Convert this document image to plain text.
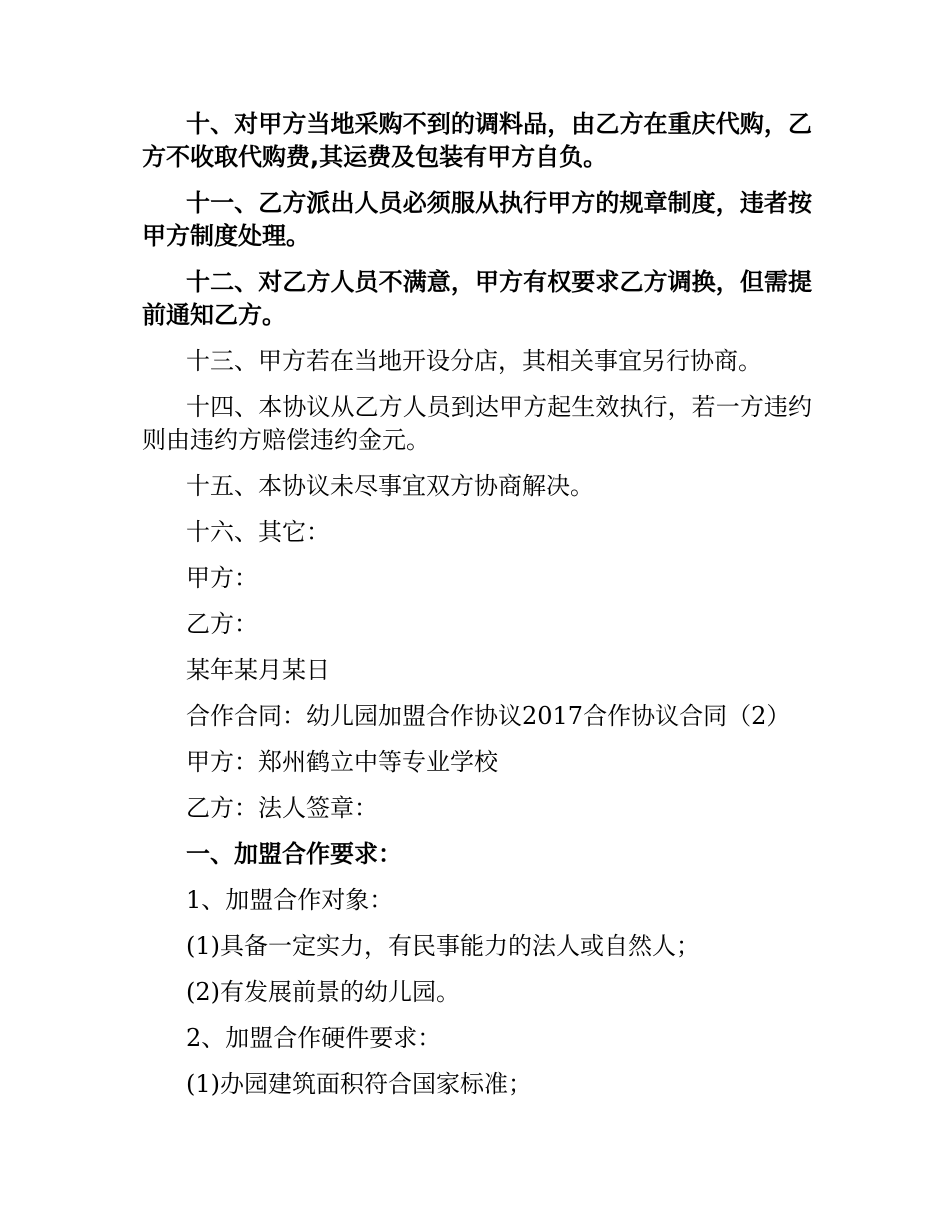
十、对甲方当地采购不到的调料品，由乙方在重庆代购，乙方不收取代购费,其运费及包装有甲方自负。

十一、乙方派出人员必须服从执行甲方的规章制度，违者按甲方制度处理。

十二、对乙方人员不满意，甲方有权要求乙方调换，但需提前通知乙方。

十三、甲方若在当地开设分店，其相关事宜另行协商。

十四、本协议从乙方人员到达甲方起生效执行，若一方违约则由违约方赔偿违约金元。

十五、本协议未尽事宜双方协商解决。

十六、其它：

甲方：

乙方：

某年某月某日

合作合同：幼儿园加盟合作协议2017合作协议合同（2）

甲方：郑州鹤立中等专业学校

乙方：法人签章：

一、加盟合作要求：

1、加盟合作对象：

(1)具备一定实力，有民事能力的法人或自然人；

(2)有发展前景的幼儿园。

2、加盟合作硬件要求：

(1)办园建筑面积符合国家标准；
